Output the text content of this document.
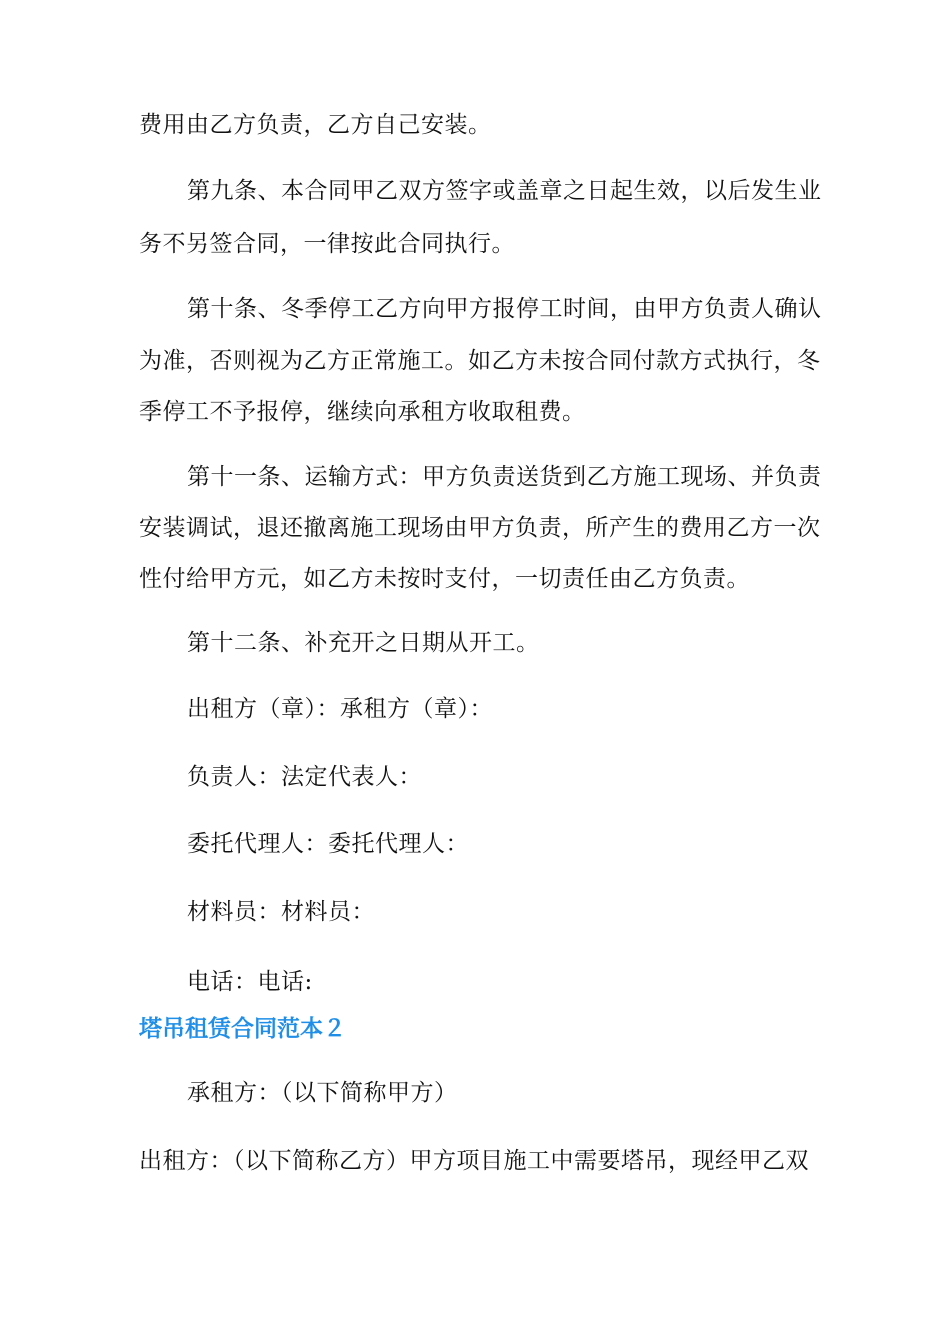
费用由乙方负责，乙方自己安装。
第九条、本合同甲乙双方签字或盖章之日起生效，以后发生业
务不另签合同，一律按此合同执行。
第十条、冬季停工乙方向甲方报停工时间，由甲方负责人确认
为准，否则视为乙方正常施工。如乙方未按合同付款方式执行，冬
季停工不予报停，继续向承租方收取租费。
第十一条、运输方式：甲方负责送货到乙方施工现场、并负责
安装调试，退还撤离施工现场由甲方负责，所产生的费用乙方一次
性付给甲方元，如乙方未按时支付，一切责任由乙方负责。
第十二条、补充开之日期从开工。
出租方（章）：承租方（章）：
负责人：法定代表人：
委托代理人：委托代理人：
材料员：材料员：
电话：电话:
塔吊租赁合同范本２
承租方：（以下简称甲方）
出租方：（以下简称乙方）甲方项目施工中需要塔吊，现经甲乙双
